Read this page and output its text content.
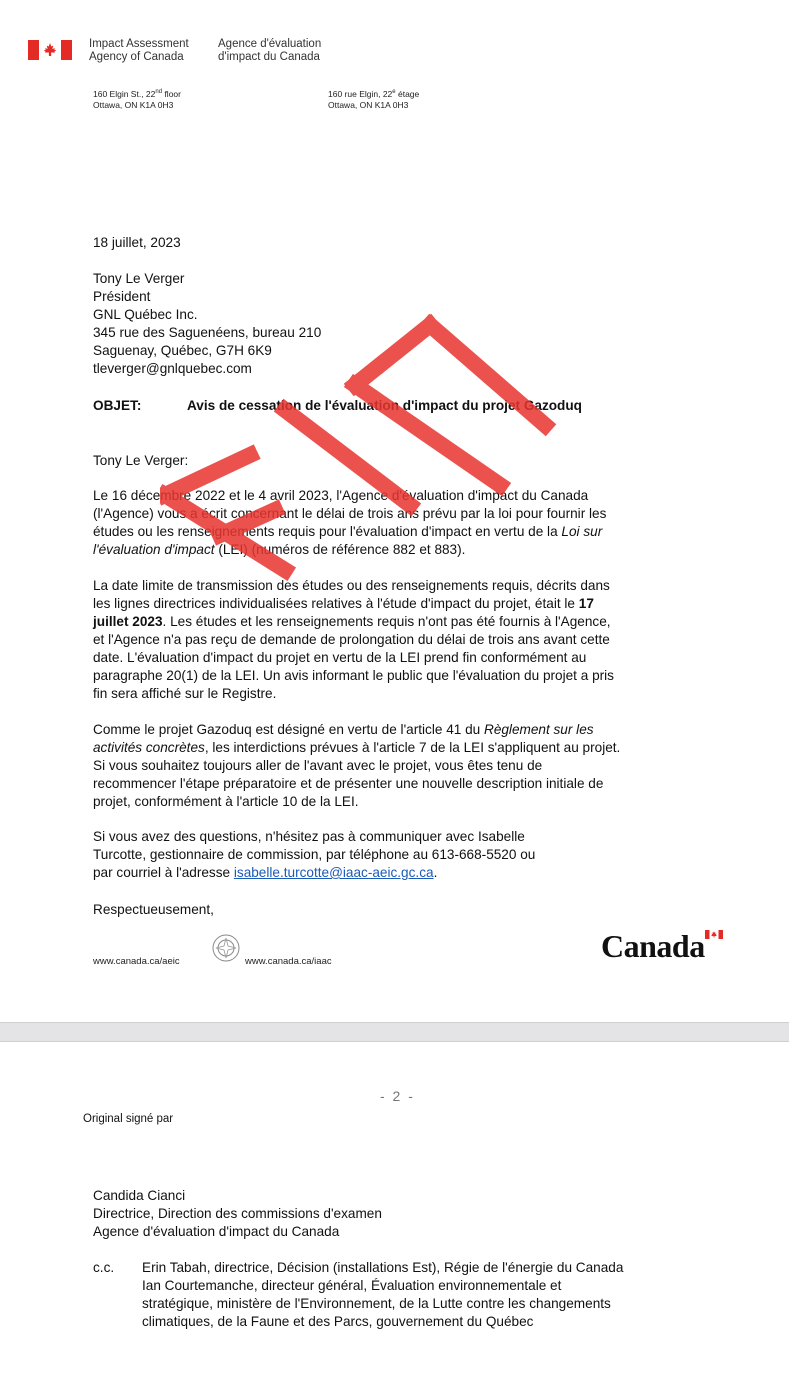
Impact Assessment
Agency of Canada
Agence d'évaluation
d'impact du Canada
160 Elgin St., 22nd floor
Ottawa, ON K1A 0H3
160 rue Elgin, 22e étage
Ottawa, ON K1A 0H3
18 juillet, 2023
Tony Le Verger
Président
GNL Québec Inc.
345 rue des Saguenéens, bureau 210
Saguenay, Québec, G7H 6K9
tleverger@gnlquebec.com
OBJET:	Avis de cessation de l'évaluation d'impact du projet Gazoduq
Tony Le Verger:
Le 16 décembre 2022 et le 4 avril 2023, l'Agence d'évaluation d'impact du Canada
(l'Agence) vous a écrit concernant le délai de trois ans prévu par la loi pour fournir les
études ou les renseignements requis pour l'évaluation d'impact en vertu de la Loi sur
l'évaluation d'impact (LEI) (numéros de référence 882 et 883).
La date limite de transmission des études ou des renseignements requis, décrits dans
les lignes directrices individualisées relatives à l'étude d'impact du projet, était le 17
juillet 2023. Les études et les renseignements requis n'ont pas été fournis à l'Agence,
et l'Agence n'a pas reçu de demande de prolongation du délai de trois ans avant cette
date. L'évaluation d'impact du projet en vertu de la LEI prend fin conformément au
paragraphe 20(1) de la LEI. Un avis informant le public que l'évaluation du projet a pris
fin sera affiché sur le Registre.
Comme le projet Gazoduq est désigné en vertu de l'article 41 du Règlement sur les
activités concrètes, les interdictions prévues à l'article 7 de la LEI s'appliquent au projet.
Si vous souhaitez toujours aller de l'avant avec le projet, vous êtes tenu de
recommencer l'étape préparatoire et de présenter une nouvelle description initiale de
projet, conformément à l'article 10 de la LEI.
Si vous avez des questions, n'hésitez pas à communiquer avec Isabelle
Turcotte, gestionnaire de commission, par téléphone au 613-668-5520 ou
par courriel à l'adresse isabelle.turcotte@iaac-aeic.gc.ca.
Respectueusement,
www.canada.ca/aeic	www.canada.ca/iaac	Canada
- 2 -
Original signé par
Candida Cianci
Directrice, Direction des commissions d'examen
Agence d'évaluation d'impact du Canada
c.c. Erin Tabah, directrice, Décision (installations Est), Régie de l'énergie du Canada
Ian Courtemanche, directeur général, Évaluation environnementale et
stratégique, ministère de l'Environnement, de la Lutte contre les changements
climatiques, de la Faune et des Parcs, gouvernement du Québec
